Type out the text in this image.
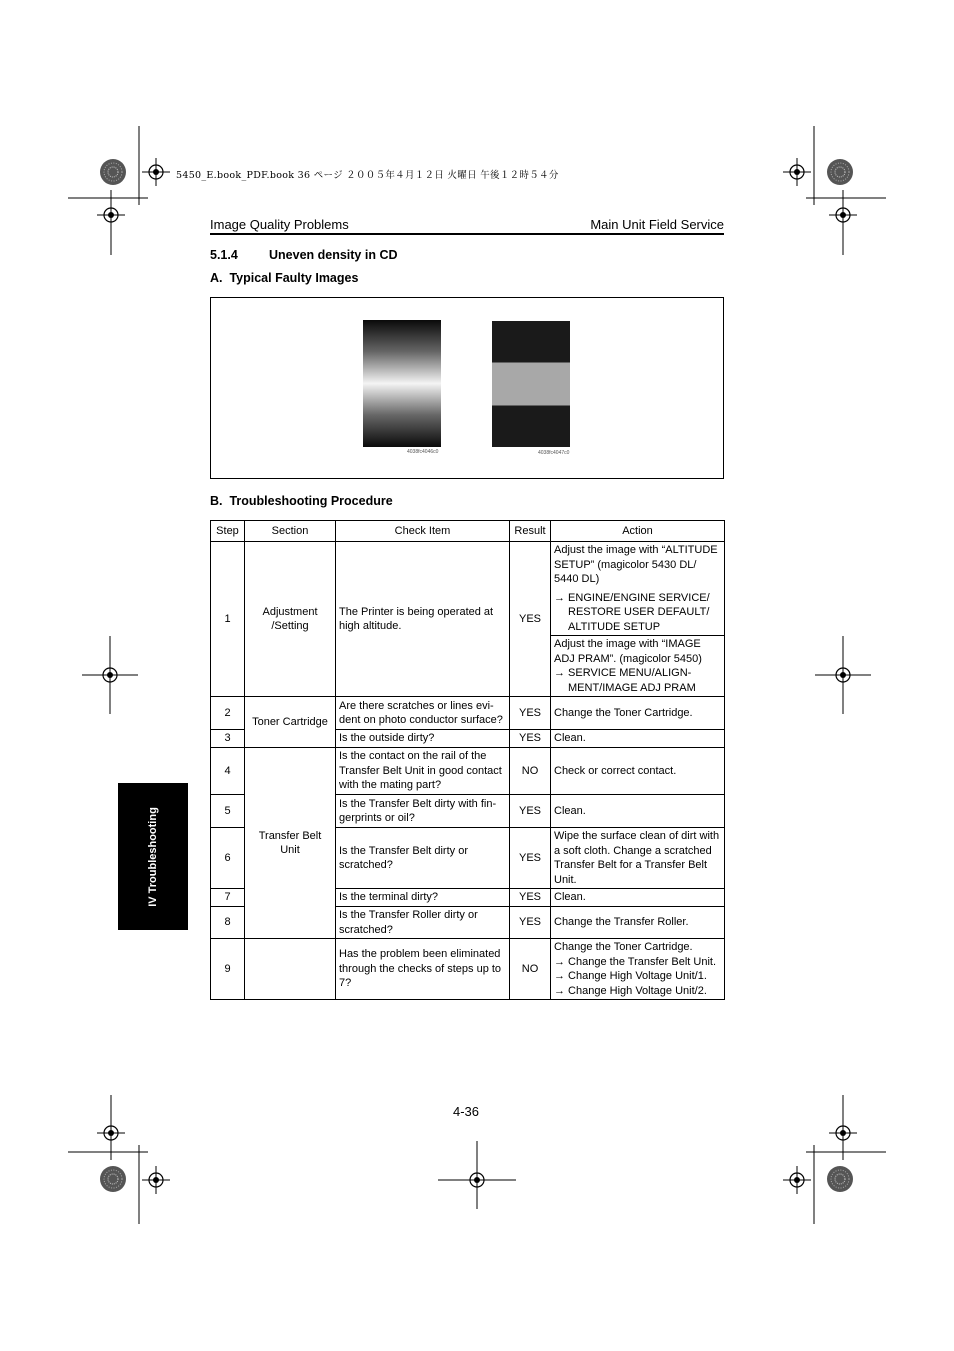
5450_E.book_PDF.book 36 ページ ２００５年４月１２日 火曜日 午後１２時５４分
Image Quality Problems	Main Unit Field Service
5.1.4 Uneven density in CD
A.  Typical Faulty Images
4038fc4046c0	4038fc4047c0
B.  Troubleshooting Procedure
Step	Section	Check Item	Result	Action
1	Adjustment /Setting	The Printer is being operated at high altitude.	YES	Adjust the image with “ALTITUDE SETUP” (magicolor 5430 DL/ 5440 DL)
→ ENGINE/ENGINE SERVICE/ RESTORE USER DEFAULT/ ALTITUDE SETUP

				Adjust the image with “IMAGE ADJ PRAM”. (magicolor 5450)
→ SERVICE MENU/ALIGN-MENT/IMAGE ADJ PRAM

2	Toner Cartridge	Are there scratches or lines evi-dent on photo conductor surface?	YES	Change the Toner Cartridge.
3		Is the outside dirty?	YES	Clean.
4	Transfer Belt Unit	Is the contact on the rail of the Transfer Belt Unit in good contact with the mating part?	NO	Check or correct contact.
5		Is the Transfer Belt dirty with fin-gerprints or oil?	YES	Clean.
6		Is the Transfer Belt dirty or scratched?	YES	Wipe the surface clean of dirt with a soft cloth. Change a scratched Transfer Belt for a Transfer Belt Unit.
7		Is the terminal dirty?	YES	Clean.
8		Is the Transfer Roller dirty or scratched?	YES	Change the Transfer Roller.
9		Has the problem been eliminated through the checks of steps up to 7?	NO	Change the Toner Cartridge.
→ Change the Transfer Belt Unit.
→ Change High Voltage Unit/1.
→ Change High Voltage Unit/2.
IV Troubleshooting
4-36
